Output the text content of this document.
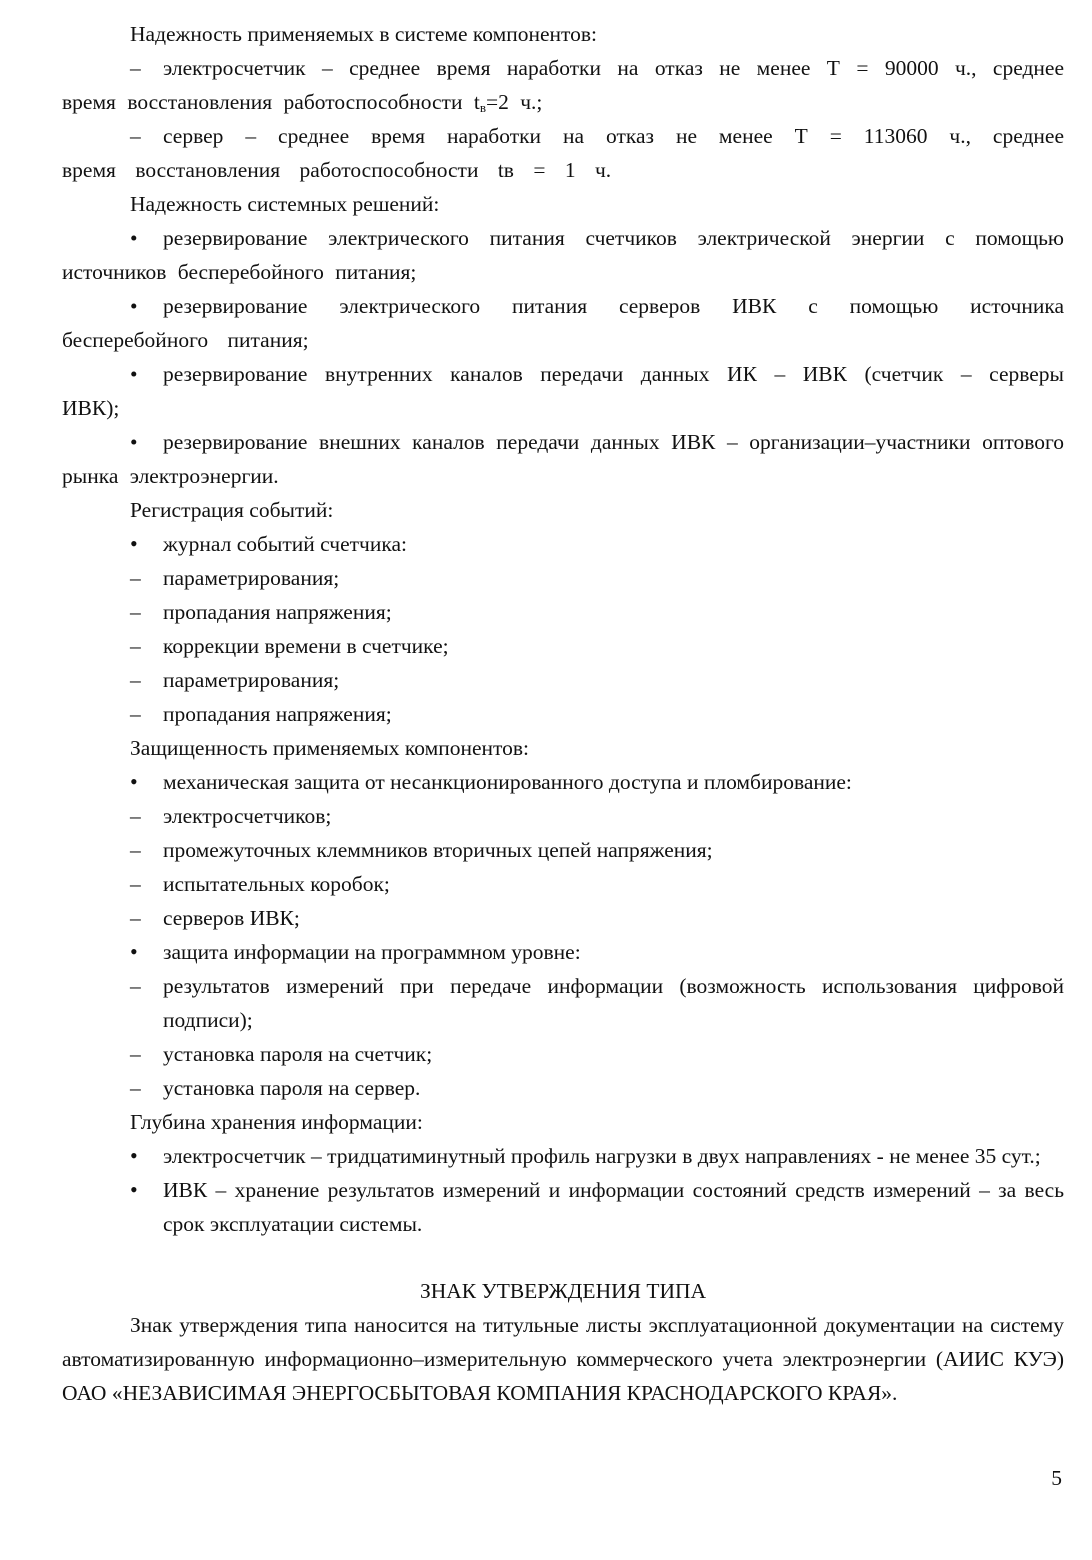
Надежность применяемых в системе компонентов:

– электросчетчик – среднее время наработки на отказ не менее Т = 90000 ч., среднее время восстановления работоспособности $t_в=2$ ч.;

– сервер – среднее время наработки на отказ не менее Т = 113060 ч., среднее время восстановления работоспособности tв = 1 ч.

Надежность системных решений:

• резервирование электрического питания счетчиков электрической энергии с помощью источников бесперебойного питания;

• резервирование электрического питания серверов ИВК с помощью источника бесперебойного питания;

• резервирование внутренних каналов передачи данных ИК – ИВК (счетчик – серверы ИВК);

• резервирование внешних каналов передачи данных ИВК – организации–участники оптового рынка электроэнергии.

Регистрация событий:

•	журнал событий счетчика:

–	параметрирования;

–	пропадания напряжения;

–	коррекции времени в счетчике;

–	параметрирования;

–	пропадания напряжения;

Защищенность применяемых компонентов:

•	механическая защита от несанкционированного доступа и пломбирование:

–	электросчетчиков;

–	промежуточных клеммников вторичных цепей напряжения;

–	испытательных коробок;

–	серверов ИВК;

•	защита информации на программном уровне:

–	результатов измерений при передаче информации (возможность использования цифровой подписи);

–	установка пароля на счетчик;

–	установка пароля на сервер.

Глубина хранения информации:

•	электросчетчик – тридцатиминутный профиль нагрузки в двух направлениях - не менее 35 сут.;

•	ИВК – хранение результатов измерений и информации состояний средств измерений – за весь срок эксплуатации системы.

ЗНАК УТВЕРЖДЕНИЯ ТИПА

Знак утверждения типа наносится на титульные листы эксплуатационной документации на систему автоматизированную информационно–измерительную коммерческого учета электроэнергии (АИИС КУЭ) ОАО «НЕЗАВИСИМАЯ ЭНЕРГОСБЫТОВАЯ КОМПАНИЯ КРАСНОДАРСКОГО КРАЯ».

5
